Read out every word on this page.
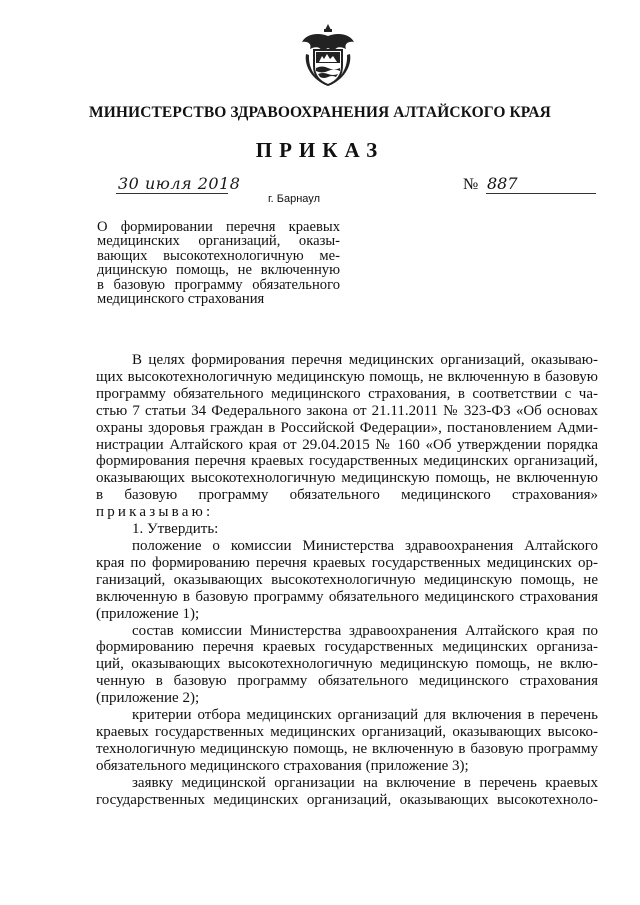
МИНИСТЕРСТВО ЗДРАВООХРАНЕНИЯ АЛТАЙСКОГО КРАЯ
ПРИКАЗ
30 июля 2018	№ 887
г. Барнаул
О формировании перечня краевых
медицинских организаций, оказы-
вающих высокотехнологичную ме-
дицинскую помощь, не включенную
в базовую программу обязательного
медицинского страхования
В целях формирования перечня медицинских организаций, оказываю-
щих высокотехнологичную медицинскую помощь, не включенную в базовую
программу обязательного медицинского страхования, в соответствии с ча-
стью 7 статьи 34 Федерального закона от 21.11.2011 № 323-ФЗ «Об основах
охраны здоровья граждан в Российской Федерации», постановлением Адми-
нистрации Алтайского края от 29.04.2015 № 160 «Об утверждении порядка
формирования перечня краевых государственных медицинских организаций,
оказывающих высокотехнологичную медицинскую помощь, не включенную
в базовую программу обязательного медицинского страхования»
приказываю:
1. Утвердить:
положение о комиссии Министерства здравоохранения Алтайского
края по формированию перечня краевых государственных медицинских ор-
ганизаций, оказывающих высокотехнологичную медицинскую помощь, не
включенную в базовую программу обязательного медицинского страхования
(приложение 1);
состав комиссии Министерства здравоохранения Алтайского края по
формированию перечня краевых государственных медицинских организа-
ций, оказывающих высокотехнологичную медицинскую помощь, не вклю-
ченную в базовую программу обязательного медицинского страхования
(приложение 2);
критерии отбора медицинских организаций для включения в перечень
краевых государственных медицинских организаций, оказывающих высоко-
технологичную медицинскую помощь, не включенную в базовую программу
обязательного медицинского страхования (приложение 3);
заявку медицинской организации на включение в перечень краевых
государственных медицинских организаций, оказывающих высокотехноло-
